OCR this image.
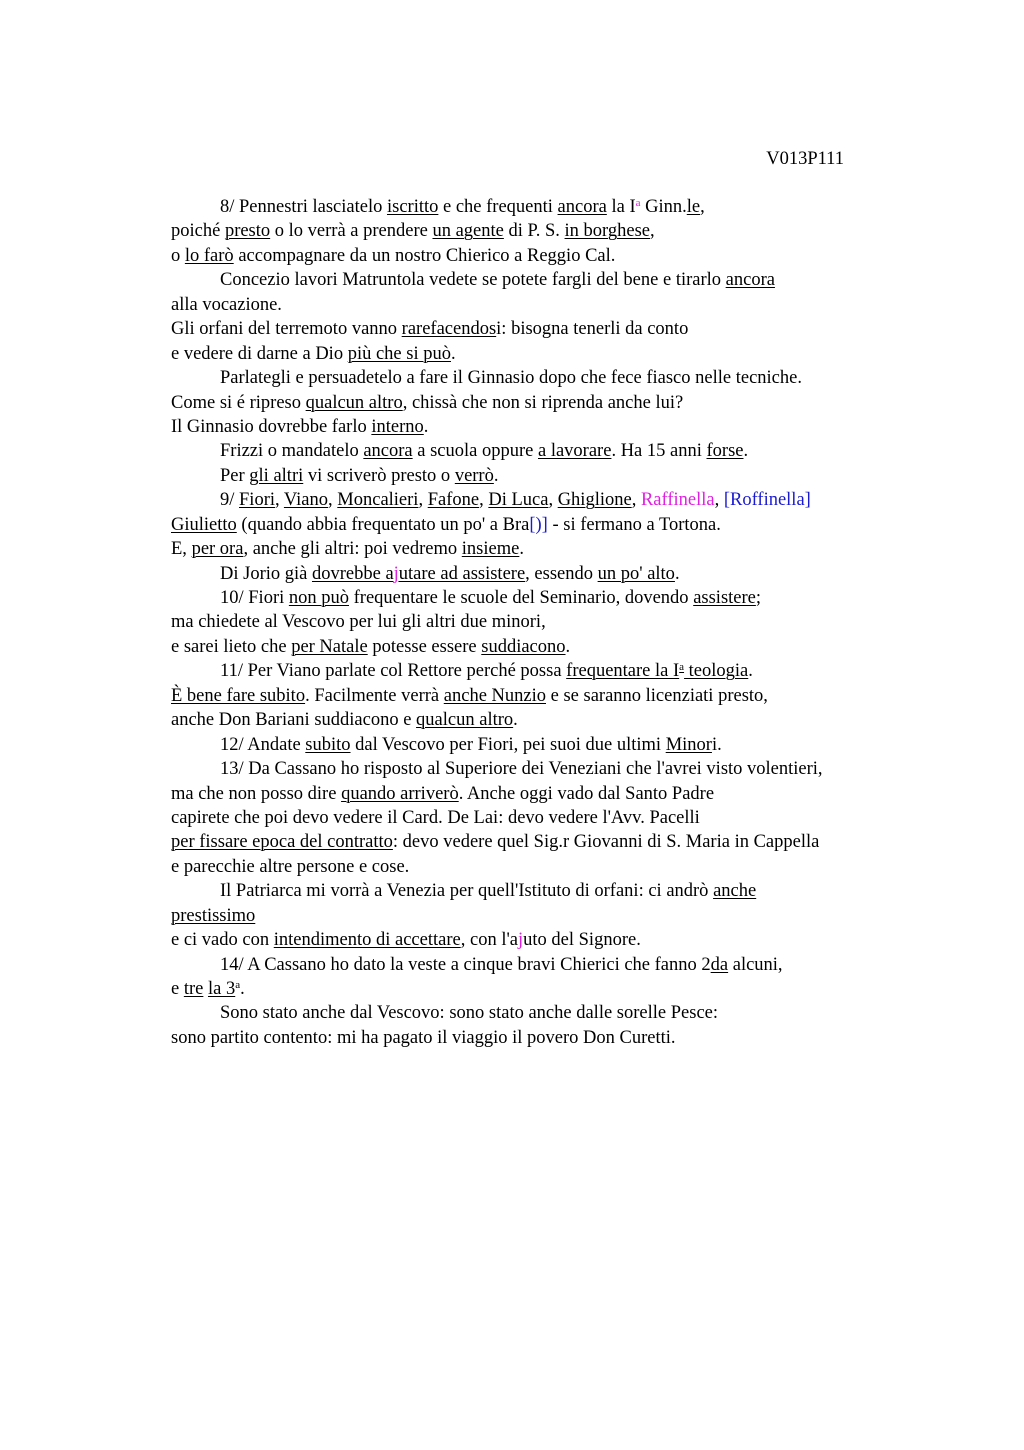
V013P111
8/ Pennestri lasciatelo iscritto e che frequenti ancora la $I^a$ Ginn.le,
poiché presto o lo verrà a prendere un agente di P. S. in borghese,
o lo farò accompagnare da un nostro Chierico a Reggio Cal.
Concezio lavori Matruntola vedete se potete fargli del bene e tirarlo ancora
alla vocazione.
Gli orfani del terremoto vanno rarefacendosi: bisogna tenerli da conto
e vedere di darne a Dio più che si può.
Parlategli e persuadetelo a fare il Ginnasio dopo che fece fiasco nelle tecniche.
Come si é ripreso qualcun altro, chissà che non si riprenda anche lui?
Il Ginnasio dovrebbe farlo interno.
Frizzi o mandatelo ancora a scuola oppure a lavorare. Ha 15 anni forse.
Per gli altri vi scriverò presto o verrò.
9/ Fiori, Viano, Moncalieri, Fafone, Di Luca, Ghiglione, Raffinella, [Roffinella]
Giulietto (quando abbia frequentato un po' a Bra[)] - si fermano a Tortona.
E, per ora, anche gli altri: poi vedremo insieme.
Di Jorio già dovrebbe ajutare ad assistere, essendo un po' alto.
10/ Fiori non può frequentare le scuole del Seminario, dovendo assistere;
ma chiedete al Vescovo per lui gli altri due minori,
e sarei lieto che per Natale potesse essere suddiacono.
11/ Per Viano parlate col Rettore perché possa frequentare la $I^a$ teologia.
È bene fare subito. Facilmente verrà anche Nunzio e se saranno licenziati presto,
anche Don Bariani suddiacono e qualcun altro.
12/ Andate subito dal Vescovo per Fiori, pei suoi due ultimi Minori.
13/ Da Cassano ho risposto al Superiore dei Veneziani che l'avrei visto volentieri,
ma che non posso dire quando arriverò. Anche oggi vado dal Santo Padre
capirete che poi devo vedere il Card. De Lai: devo vedere l'Avv. Pacelli
per fissare epoca del contratto: devo vedere quel Sig.r Giovanni di S. Maria in Cappella
e parecchie altre persone e cose.
Il Patriarca mi vorrà a Venezia per quell'Istituto di orfani: ci andrò anche
prestissimo
e ci vado con intendimento di accettare, con l'ajuto del Signore.
14/ A Cassano ho dato la veste a cinque bravi Chierici che fanno 2da alcuni,
e tre la 3$^a$.
Sono stato anche dal Vescovo: sono stato anche dalle sorelle Pesce:
sono partito contento: mi ha pagato il viaggio il povero Don Curetti.
